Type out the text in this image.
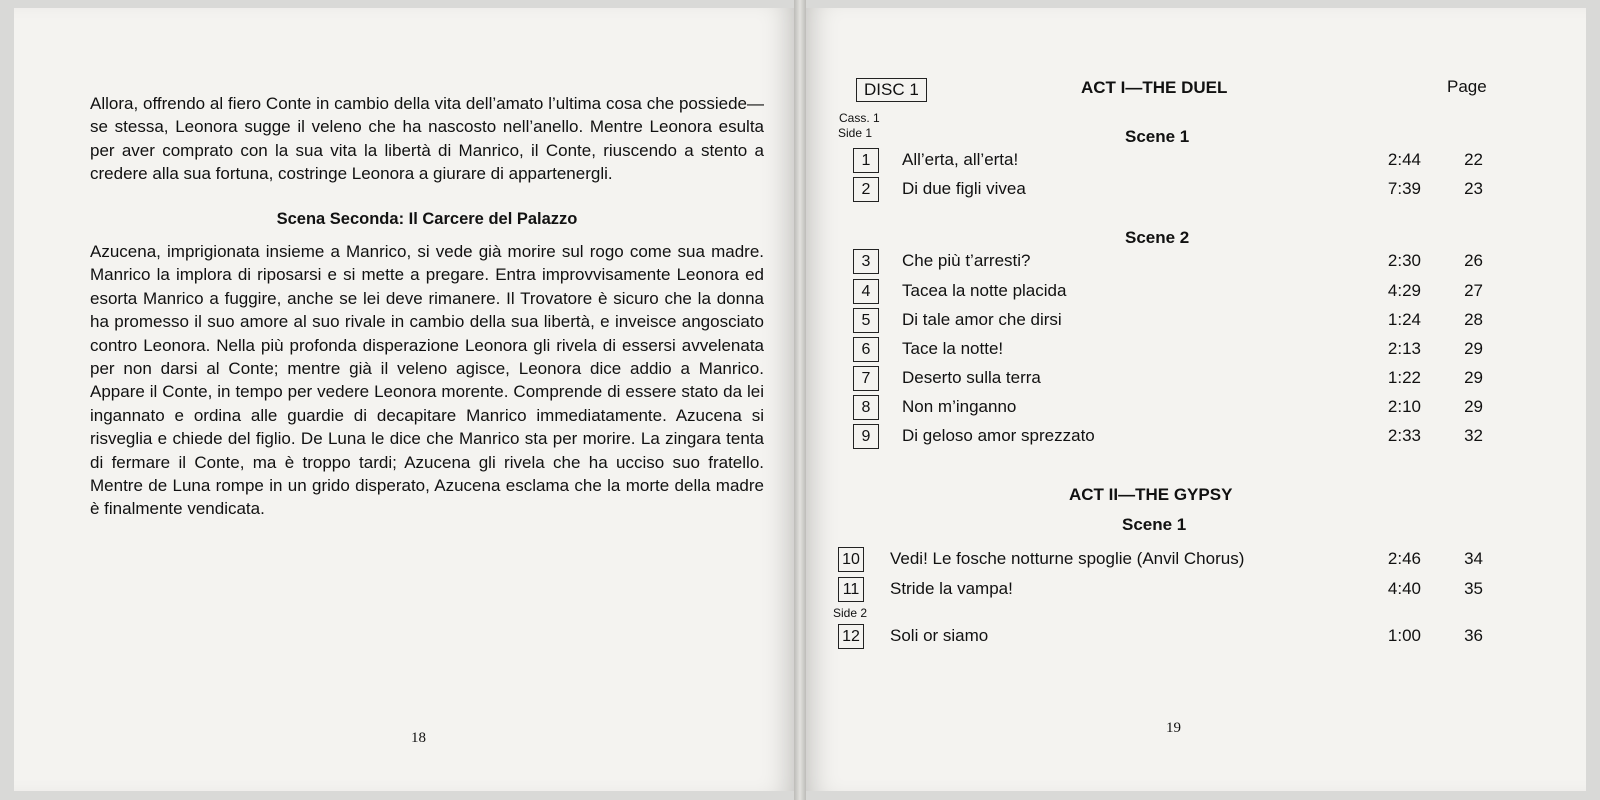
Allora, offrendo al fiero Conte in cambio della vita dell’amato l’ultima cosa che possiede—se stessa, Leonora sugge il veleno che ha nascosto nell’anello. Mentre Leonora esulta per aver comprato con la sua vita la libertà di Manrico, il Conte, riuscendo a stento a credere alla sua fortuna, costringe Leonora a giurare di appartenergli.
Scena Seconda: Il Carcere del Palazzo
Azucena, imprigionata insieme a Manrico, si vede già morire sul rogo come sua madre. Manrico la implora di riposarsi e si mette a pregare. Entra improvvisamente Leonora ed esorta Manrico a fuggire, anche se lei deve rimanere. Il Trovatore è sicuro che la donna ha promesso il suo amore al suo rivale in cambio della sua libertà, e inveisce angosciato contro Leonora. Nella più profonda disperazione Leonora gli rivela di essersi avvelenata per non darsi al Conte; mentre già il veleno agisce, Leonora dice addio a Manrico. Appare il Conte, in tempo per vedere Leonora morente. Comprende di essere stato da lei ingannato e ordina alle guardie di decapitare Manrico immediatamente. Azucena si risveglia e chiede del figlio. De Luna le dice che Manrico sta per morire. La zingara tenta di fermare il Conte, ma è troppo tardi; Azucena gli rivela che ha ucciso suo fratello. Mentre de Luna rompe in un grido disperato, Azucena esclama che la morte della madre è finalmente vendicata.
18
DISC 1	ACT I—THE DUEL	Page
Cass. 1
Side 1	Scene 1
1	All’erta, all’erta!	2:44	22
2	Di due figli vivea	7:39	23
Scene 2
3	Che più t’arresti?	2:30	26
4	Tacea la notte placida	4:29	27
5	Di tale amor che dirsi	1:24	28
6	Tace la notte!	2:13	29
7	Deserto sulla terra	1:22	29
8	Non m’inganno	2:10	29
9	Di geloso amor sprezzato	2:33	32
ACT II—THE GYPSY
Scene 1
10 Vedi! Le fosche notturne spoglie (Anvil Chorus)	2:46	34
11 Stride la vampa!	4:40	35
Side 2
12 Soli or siamo	1:00	36
19
